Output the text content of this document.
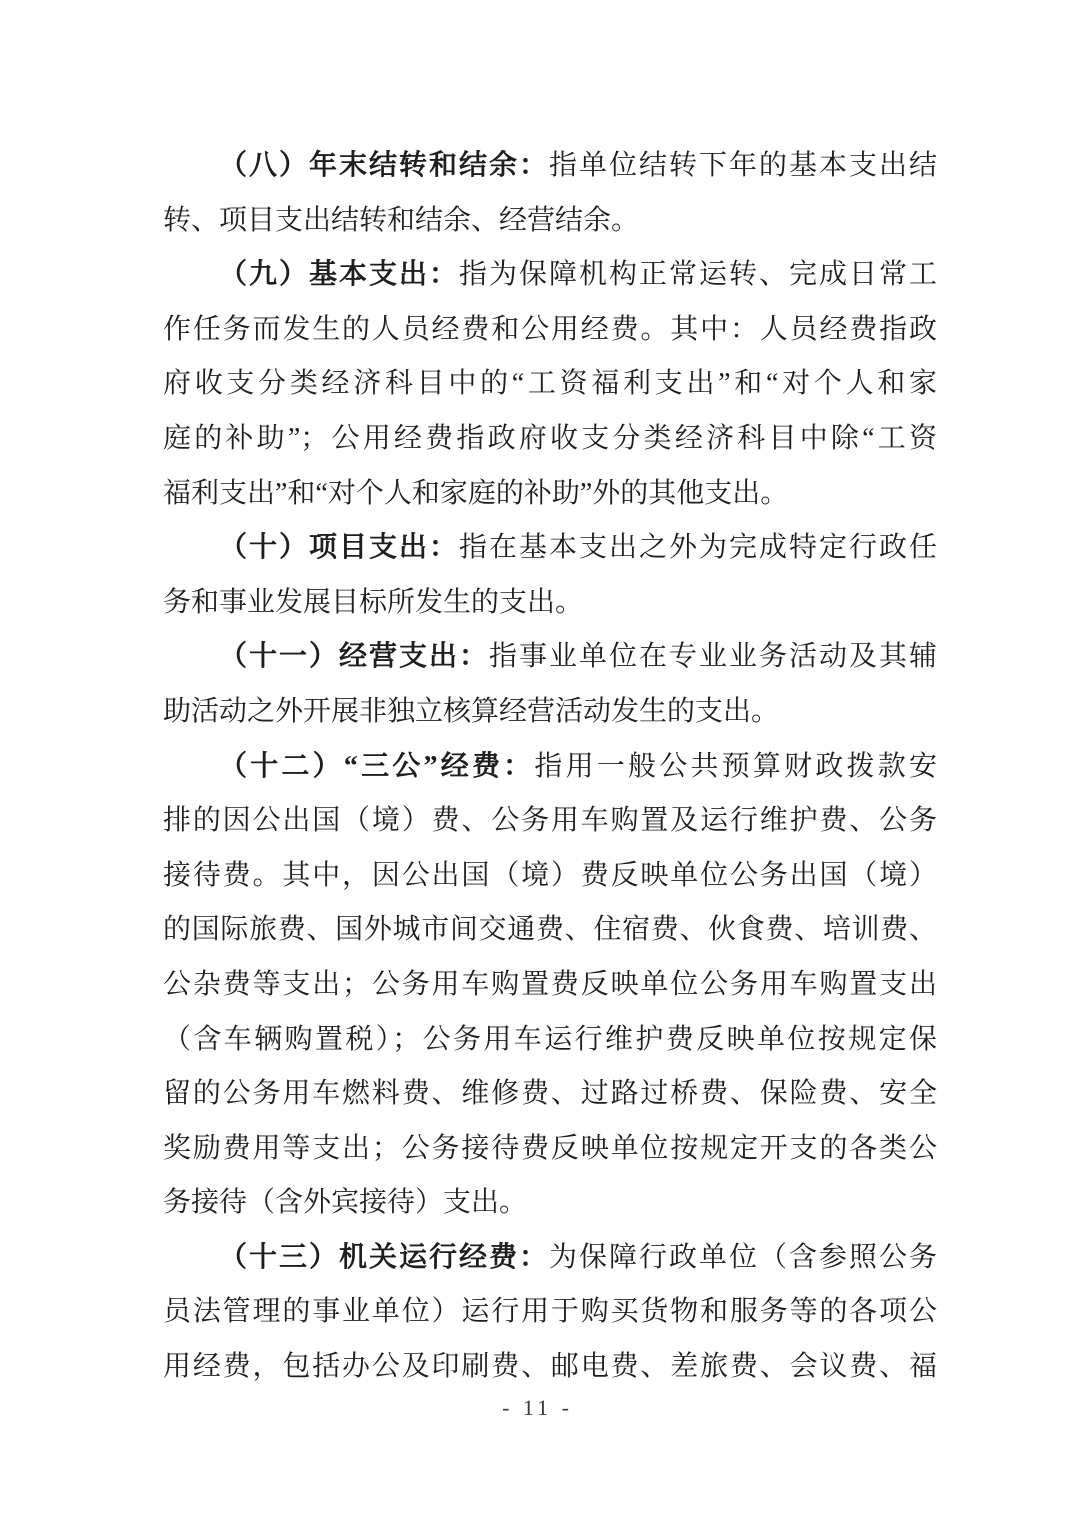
（八）年末结转和结余：指单位结转下年的基本支出结
转、项目支出结转和结余、经营结余。
（九）基本支出：指为保障机构正常运转、完成日常工
作任务而发生的人员经费和公用经费。其中：人员经费指政
府收支分类经济科目中的“工资福利支出”和“对个人和家
庭的补助”；公用经费指政府收支分类经济科目中除“工资
福利支出”和“对个人和家庭的补助”外的其他支出。
（十）项目支出：指在基本支出之外为完成特定行政任
务和事业发展目标所发生的支出。
（十一）经营支出：指事业单位在专业业务活动及其辅
助活动之外开展非独立核算经营活动发生的支出。
（十二）“三公”经费：指用一般公共预算财政拨款安
排的因公出国（境）费、公务用车购置及运行维护费、公务
接待费。其中，因公出国（境）费反映单位公务出国（境）
的国际旅费、国外城市间交通费、住宿费、伙食费、培训费、
公杂费等支出；公务用车购置费反映单位公务用车购置支出
（含车辆购置税）；公务用车运行维护费反映单位按规定保
留的公务用车燃料费、维修费、过路过桥费、保险费、安全
奖励费用等支出；公务接待费反映单位按规定开支的各类公
务接待（含外宾接待）支出。
（十三）机关运行经费：为保障行政单位（含参照公务
员法管理的事业单位）运行用于购买货物和服务等的各项公
用经费，包括办公及印刷费、邮电费、差旅费、会议费、福
- 11 -
